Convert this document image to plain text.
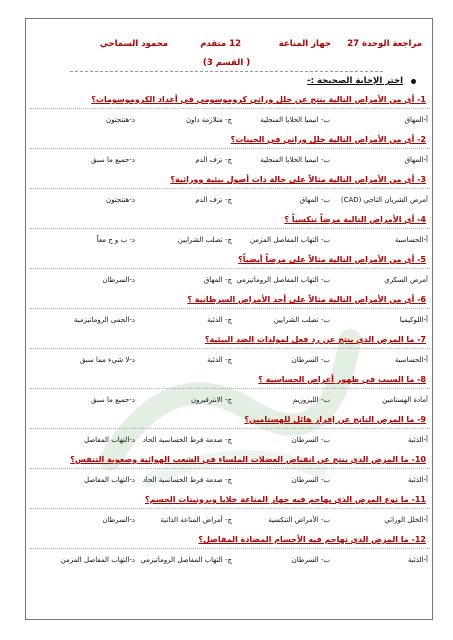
مراجعة الوحدة 27
جهاز المناعة
12 متقدم
محمود السماحي
( القسم 3)
اختر الإجابة الصحيحة :-
1- أي من الأمراض التالية ينتج عن خلل وراثي كروموسومي في أعداد الكروموسومات؟
أ-المهاق
ب- انيميا الخلايا المنجلية
ج- متلازمة داون
د-هنتجتون
2- أي من الأمراض التالية خلل وراثي في الجينات؟
أ-المهاق
ب- انيميا الخلايا المنجلية
ج- نزف الدم
د-جميع ما سبق
3- أي من الأمراض التالية مثالاً على حالة ذات أصول بيئية ووراثية؟
أمرض الشريان التاجي (CAD)
ب- المهاق
ج- نزف الدم
د-هنتجتون
4- أي الأمراض التالية مرضاً تنكسياً ؟
أ-الحساسية
ب- التهاب المفاصل المزمن
ج- تصلب الشرايين
د- ب و ج معاً
5- أي من الأمراض التالية مثالاً على مرضاً أيضياً؟
أمرض السكري
ب- التهاب المفاصل الروماتيزمي
ج- المهاق
د-السرطان
6- أي من الأمراض التالية مثالاً على أحد الأمراض السرطانية ؟
أ-اللوكيميا
ب- تصلب الشرايين
ج- الذئبة
د-الحمى الروماتيزمية
7- ما المرض الذي ينتج عن رد فعل لمولدات الضد البيئية؟
أ-الحساسية
ب- السرطان
ج- الذئبة
د-لا شيء مما سبق
8- ما السبب في ظهور أعراض الحساسية ؟
أمادة الهستامين
ب- الليزوزيم
ج- الانترفيرون
د-جميع ما سبق
9- ما المرض الناتج عن إفراز هائل للهستامين؟
أ-الذئبة
ب- السرطان
ج- صدمة فرط الحساسية الحاد
د-التهاب المفاصل
10- ما المرض الذي ينتج عن انقباض العضلات الملساء في الشعب الهوائية وصعوبة التنفس؟
أ-الذئبة
ب- السرطان
ج- صدمة فرط الحساسية الحاد
د-التهاب المفاصل
11- ما نوع المرض الذي يهاجم فيه جهاز المناعة خلايا وبروتينات الجسم؟
أ-الخلل الوراثي
ب- الأمراض التنكسية
ج- أمراض المناعة الذاتية
د-السرطان
12- ما المرض الذي تهاجم فيه الأجسام المضادة المفاصل؟
أ-الذئبة
ب- السرطان
ج- التهاب المفاصل الروماتيزمي
د-التهاب المفاصل المزمن
